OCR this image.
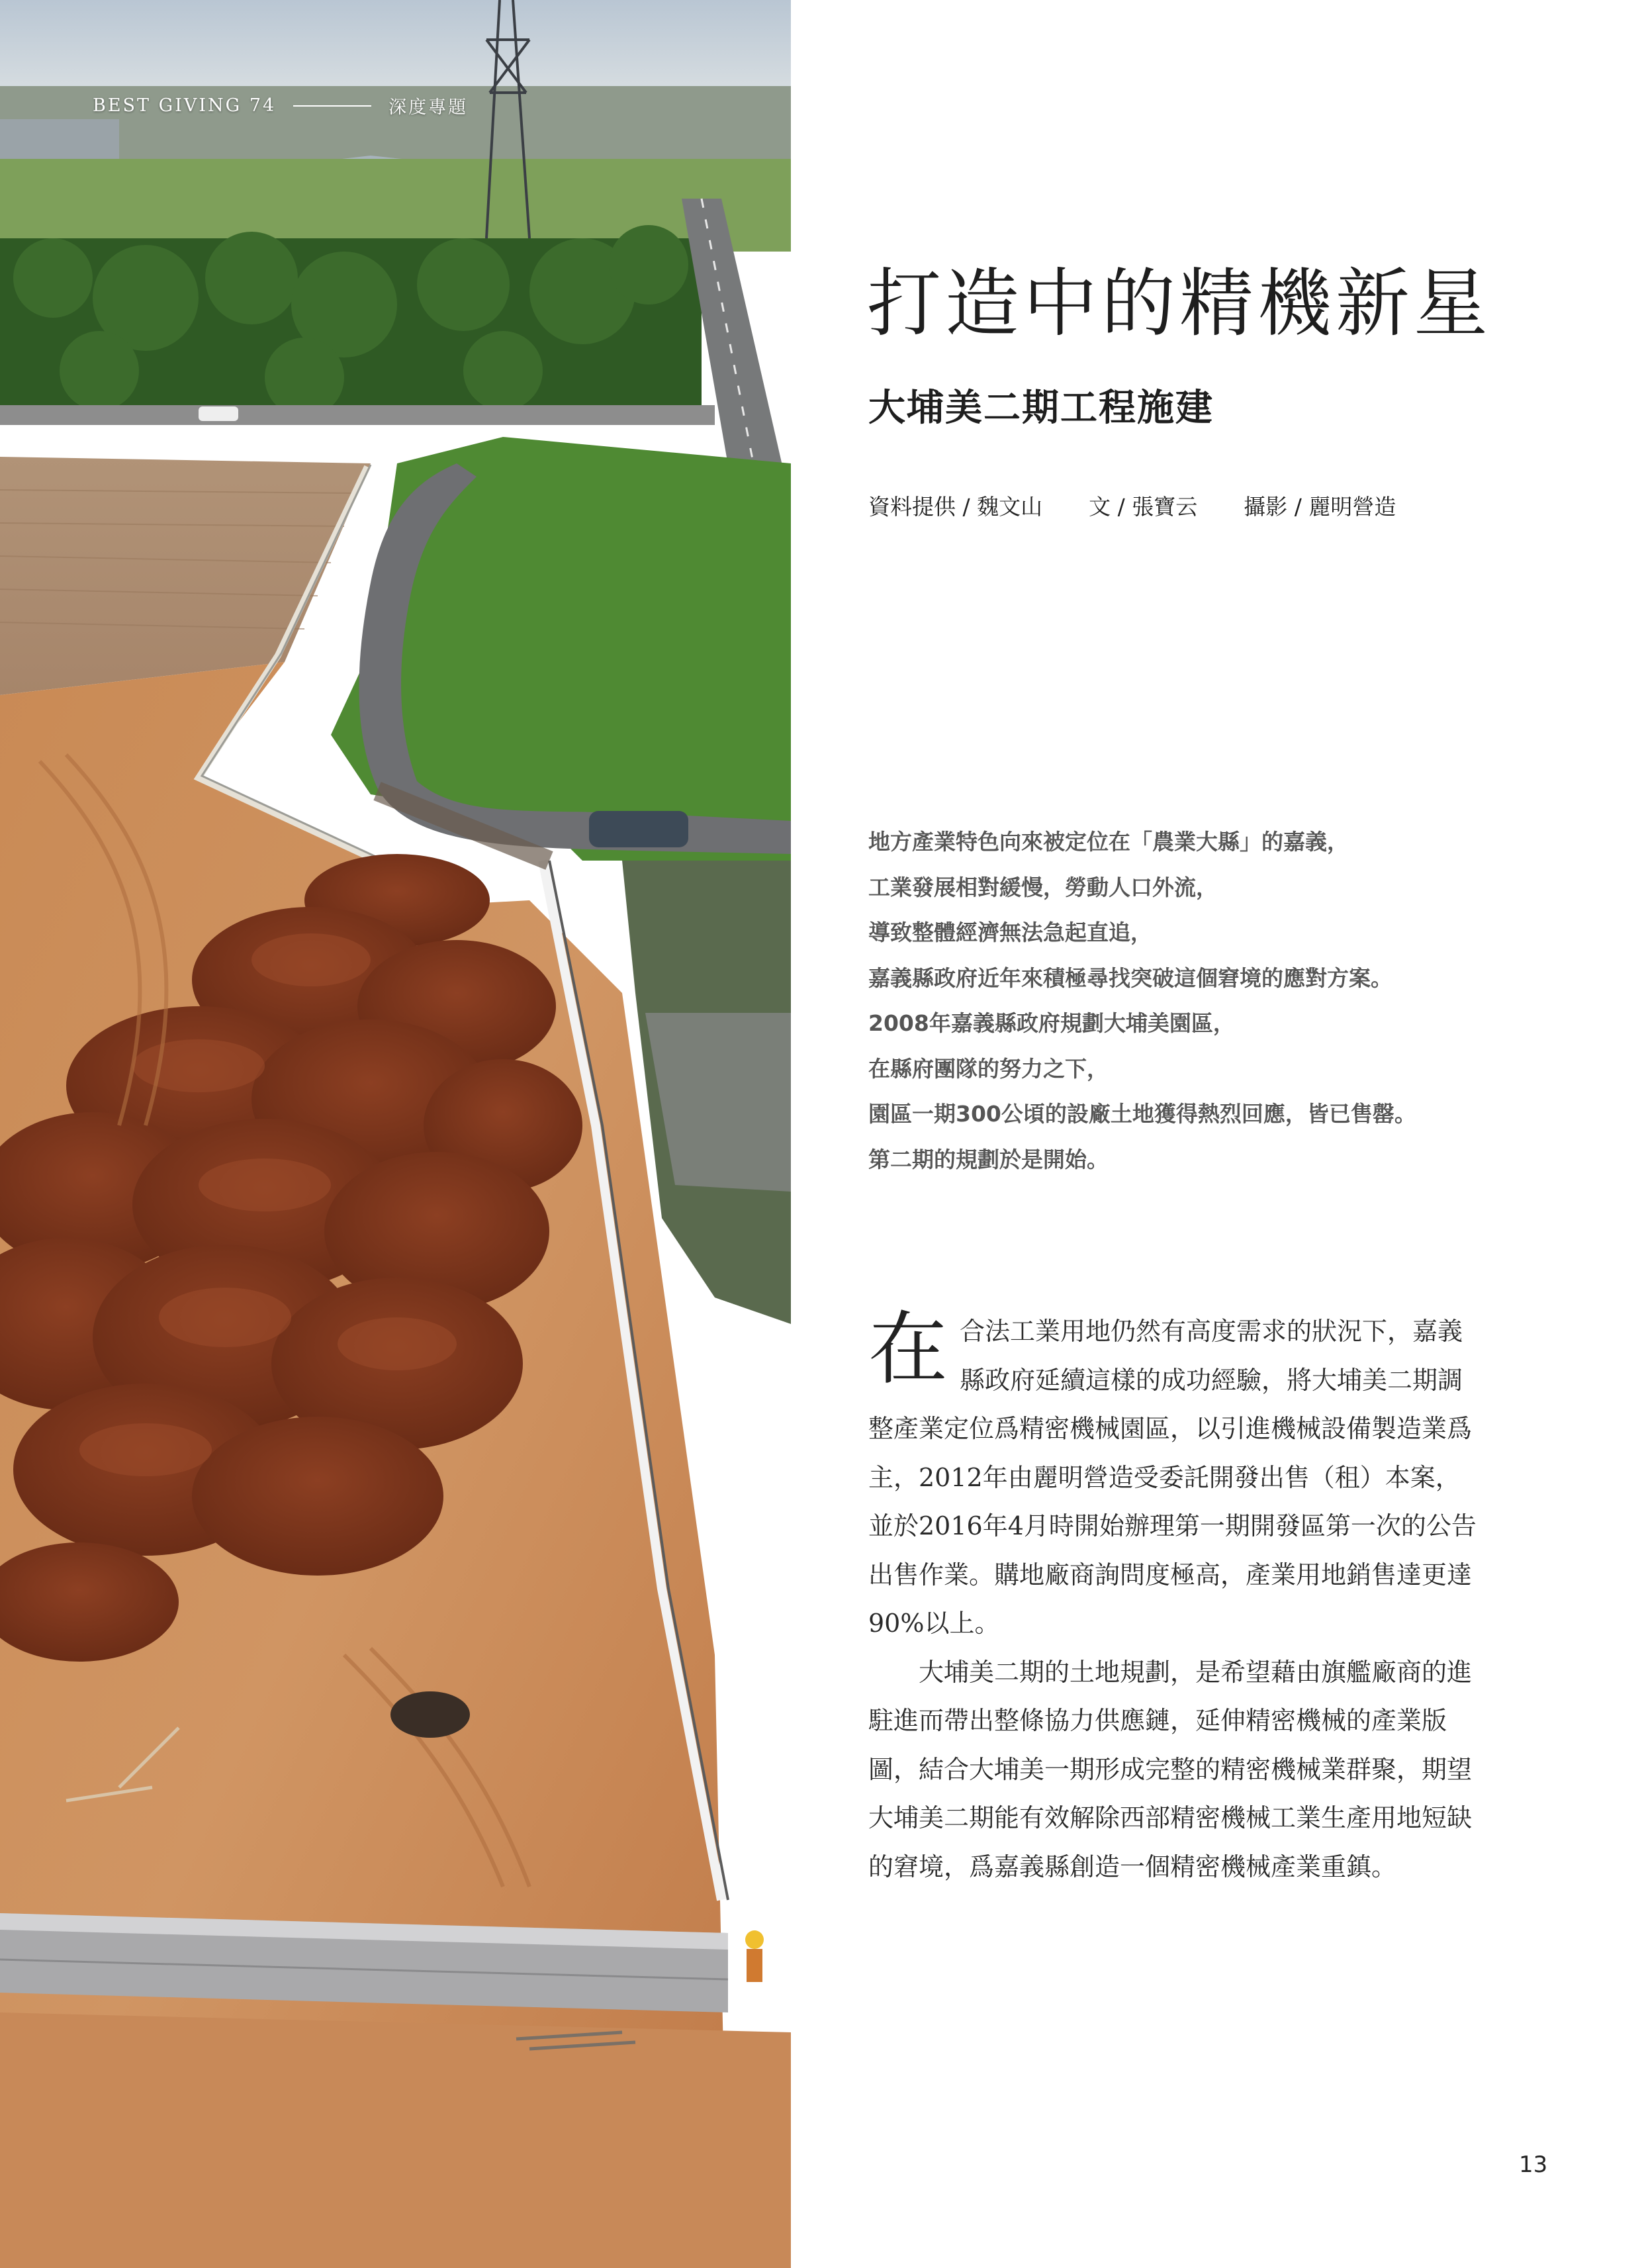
BEST GIVING 74	深度專題
打造中的精機新星
大埔美二期工程施建
資料提供 / 魏文山 文 / 張寶云 攝影 / 麗明營造
地方產業特色向來被定位在「農業大縣」的嘉義，
工業發展相對緩慢，勞動人口外流，
導致整體經濟無法急起直追，
嘉義縣政府近年來積極尋找突破這個窘境的應對方案。
2008年嘉義縣政府規劃大埔美園區，
在縣府團隊的努力之下，
園區一期300公頃的設廠土地獲得熱烈回應，皆已售罄。
第二期的規劃於是開始。

在合法工業用地仍然有高度需求的狀況下，嘉義縣政府延續這樣的成功經驗，將大埔美二期調整產業定位爲精密機械園區，以引進機械設備製造業爲主，2012年由麗明營造受委託開發出售（租）本案，並於2016年4月時開始辦理第一期開發區第一次的公告出售作業。購地廠商詢問度極高，產業用地銷售達更達90%以上。

大埔美二期的土地規劃，是希望藉由旗艦廠商的進駐進而帶出整條協力供應鏈，延伸精密機械的產業版圖，結合大埔美一期形成完整的精密機械業群聚，期望大埔美二期能有效解除西部精密機械工業生產用地短缺的窘境，爲嘉義縣創造一個精密機械產業重鎮。

13
